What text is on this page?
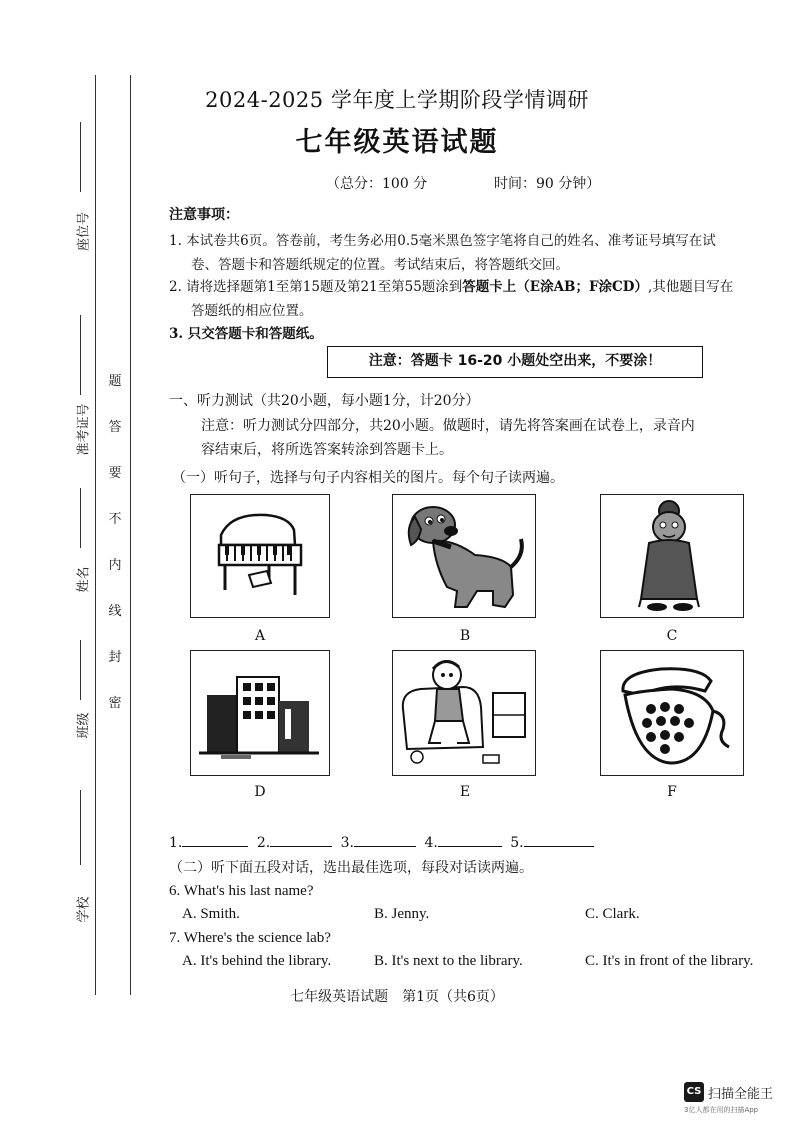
座位号
准考证号
姓名
班级
学校
题
答
要
不
内
线
封
密
2024-2025 学年度上学期阶段学情调研
七年级英语试题
（总分：100 分	时间：90 分钟）
注意事项：
1. 本试卷共6页。答卷前，考生务必用0.5毫米黑色签字笔将自己的姓名、准考证号填写在试
卷、答题卡和答题纸规定的位置。考试结束后，将答题纸交回。
2. 请将选择题第1至第15题及第21至第55题涂到答题卡上（E涂AB；F涂CD）,其他题目写在
答题纸的相应位置。
3. 只交答题卡和答题纸。
注意：答题卡 16-20 小题处空出来，不要涂！
一、听力测试（共20小题，每小题1分，计20分）
注意：听力测试分四部分，共20小题。做题时，请先将答案画在试卷上，录音内
容结束后，将所选答案转涂到答题卡上。
（一）听句子，选择与句子内容相关的图片。每个句子读两遍。
A	B	C
D	E	F
1.	2.	3.	4.	5.
（二）听下面五段对话，选出最佳选项，每段对话读两遍。
6. What's his last name?
A. Smith.	B. Jenny.	C. Clark.
7. Where's the science lab?
A. It's behind the library.	B. It's next to the library.	C. It's in front of the library.
七年级英语试题　第1页（共6页）
CS 扫描全能王
3亿人都在用的扫描App
